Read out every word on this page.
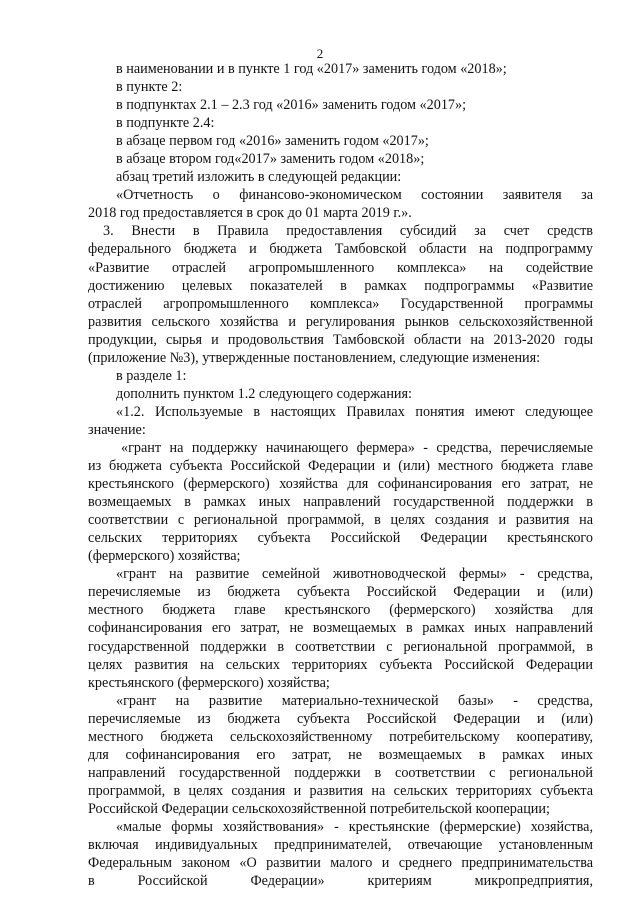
2

в наименовании и в пункте 1 год «2017» заменить годом «2018»;

в пункте 2:

в подпунктах 2.1 – 2.3 год «2016» заменить годом «2017»;

в подпункте 2.4:

в абзаце первом год «2016» заменить годом «2017»;

в абзаце втором год«2017» заменить годом «2018»;

абзац третий изложить в следующей редакции:

«Отчетность о финансово-экономическом состоянии заявителя за
2018 год предоставляется в срок до 01 марта 2019 г.».

3. Внести в Правила предоставления субсидий за счет средств
федерального бюджета и бюджета Тамбовской области на подпрограмму
«Развитие отраслей агропромышленного комплекса» на содействие
достижению целевых показателей в рамках подпрограммы «Развитие
отраслей агропромышленного комплекса» Государственной программы
развития сельского хозяйства и регулирования рынков сельскохозяйственной
продукции, сырья и продовольствия Тамбовской области на 2013-2020 годы
(приложение №3), утвержденные постановлением, следующие изменения:

в разделе 1:

дополнить пунктом 1.2 следующего содержания:

«1.2. Используемые в настоящих Правилах понятия имеют следующее
значение:

«грант на поддержку начинающего фермера» - средства, перечисляемые
из бюджета субъекта Российской Федерации и (или) местного бюджета главе
крестьянского (фермерского) хозяйства для софинансирования его затрат, не
возмещаемых в рамках иных направлений государственной поддержки в
соответствии с региональной программой, в целях создания и развития на
сельских территориях субъекта Российской Федерации крестьянского
(фермерского) хозяйства;

«грант на развитие семейной животноводческой фермы» - средства,
перечисляемые из бюджета субъекта Российской Федерации и (или)
местного бюджета главе крестьянского (фермерского) хозяйства для
софинансирования его затрат, не возмещаемых в рамках иных направлений
государственной поддержки в соответствии с региональной программой, в
целях развития на сельских территориях субъекта Российской Федерации
крестьянского (фермерского) хозяйства;

«грант на развитие материально-технической базы» - средства,
перечисляемые из бюджета субъекта Российской Федерации и (или)
местного бюджета сельскохозяйственному потребительскому кооперативу,
для софинансирования его затрат, не возмещаемых в рамках иных
направлений государственной поддержки в соответствии с региональной
программой, в целях создания и развития на сельских территориях субъекта
Российской Федерации сельскохозяйственной потребительской кооперации;

«малые формы хозяйствования» - крестьянские (фермерские) хозяйства,
включая индивидуальных предпринимателей, отвечающие установленным
Федеральным законом «О развитии малого и среднего предпринимательства
в Российской Федерации» критериям микропредприятия,
